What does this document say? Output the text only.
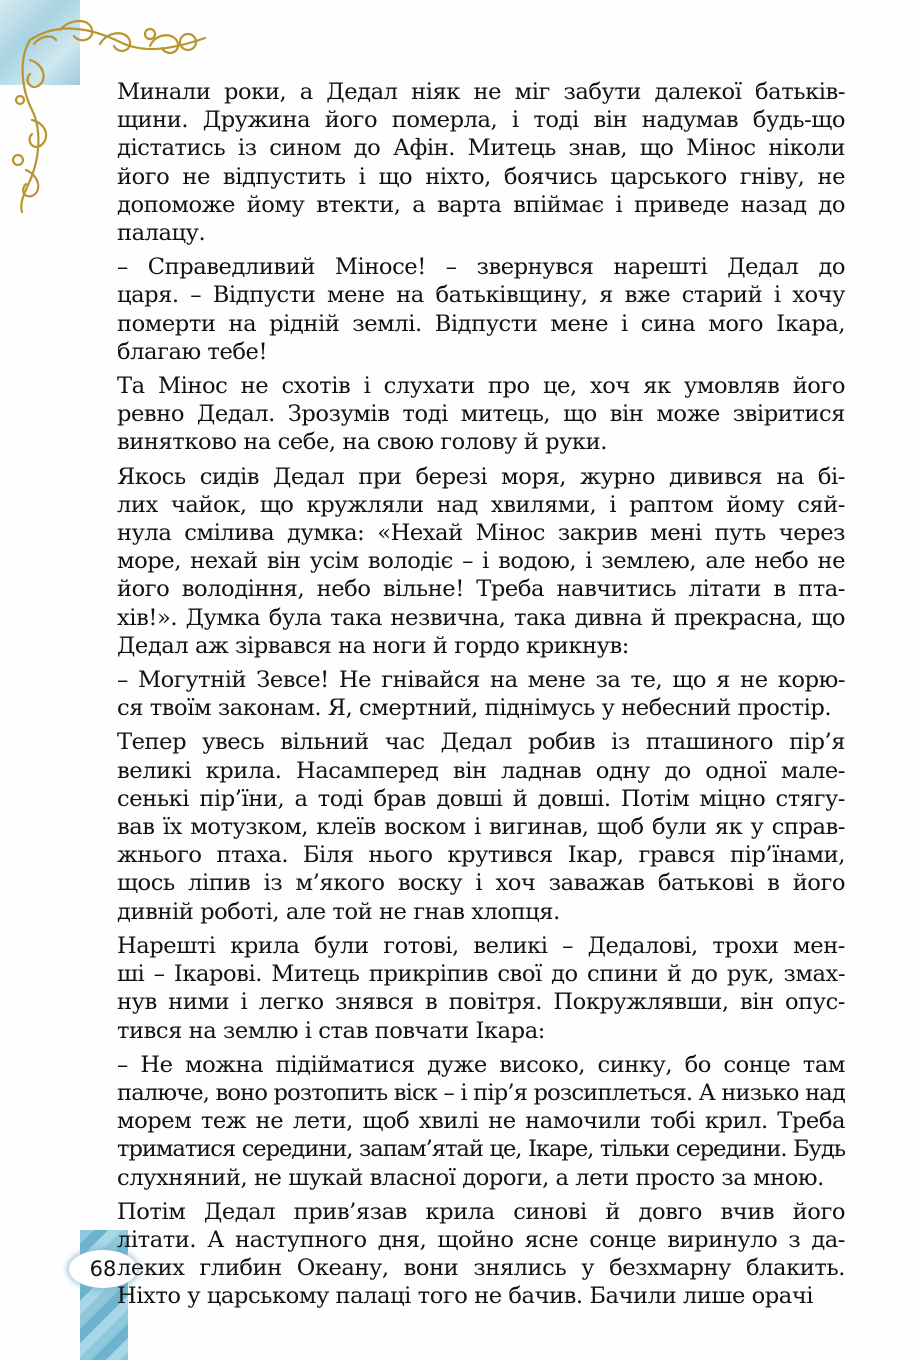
68

Минали роки, а Дедал ніяк не міг забути далекої батьків-
щини. Дружина його померла, і тоді він надумав будь-що
дістатись із сином до Афін. Митець знав, що Мінос ніколи
його не відпустить і що ніхто, боячись царського гніву, не
допоможе йому втекти, а варта впіймає і приведе назад до
палацу.

– Справедливий Міносе! – звернувся нарешті Дедал до
царя. – Відпусти мене на батьківщину, я вже старий і хочу
померти на рідній землі. Відпусти мене і сина мого Ікара,
благаю тебе!

Та Мінос не схотів і слухати про це, хоч як умовляв його
ревно Дедал. Зрозумів тоді митець, що він може звіритися
винятково на себе, на свою голову й руки.

Якось сидів Дедал при березі моря, журно дивився на бі-
лих чайок, що кружляли над хвилями, і раптом йому сяй-
нула смілива думка: «Нехай Мінос закрив мені путь через
море, нехай він усім володіє – і водою, і землею, але небо не
його володіння, небо вільне! Треба навчитись літати в пта-
хів!». Думка була така незвична, така дивна й прекрасна, що
Дедал аж зірвався на ноги й гордо крикнув:

– Могутній Зевсе! Не гнівайся на мене за те, що я не корю-
ся твоїм законам. Я, смертний, піднімусь у небесний простір.

Тепер увесь вільний час Дедал робив із пташиного пір’я
великі крила. Насамперед він ладнав одну до одної мале-
сенькі пір’їни, а тоді брав довші й довші. Потім міцно стягу-
вав їх мотузком, клеїв воском і вигинав, щоб були як у справ-
жнього птаха. Біля нього крутився Ікар, грався пір’їнами,
щось ліпив із м’якого воску і хоч заважав батькові в його
дивній роботі, але той не гнав хлопця.

Нарешті крила були готові, великі – Дедалові, трохи мен-
ші – Ікарові. Митець прикріпив свої до спини й до рук, змах-
нув ними і легко знявся в повітря. Покружлявши, він опус-
тився на землю і став повчати Ікара:

– Не можна підійматися дуже високо, синку, бо сонце там
палюче, воно розтопить віск – і пір’я розсиплеться. А низько над
морем теж не лети, щоб хвилі не намочили тобі крил. Треба
триматися середини, запам’ятай це, Ікаре, тільки середини. Будь
слухняний, не шукай власної дороги, а лети просто за мною.

Потім Дедал прив’язав крила синові й довго вчив його
літати. А наступного дня, щойно ясне сонце виринуло з да-
леких глибин Океану, вони знялись у безхмарну блакить.
Ніхто у царському палаці того не бачив. Бачили лише орачі
